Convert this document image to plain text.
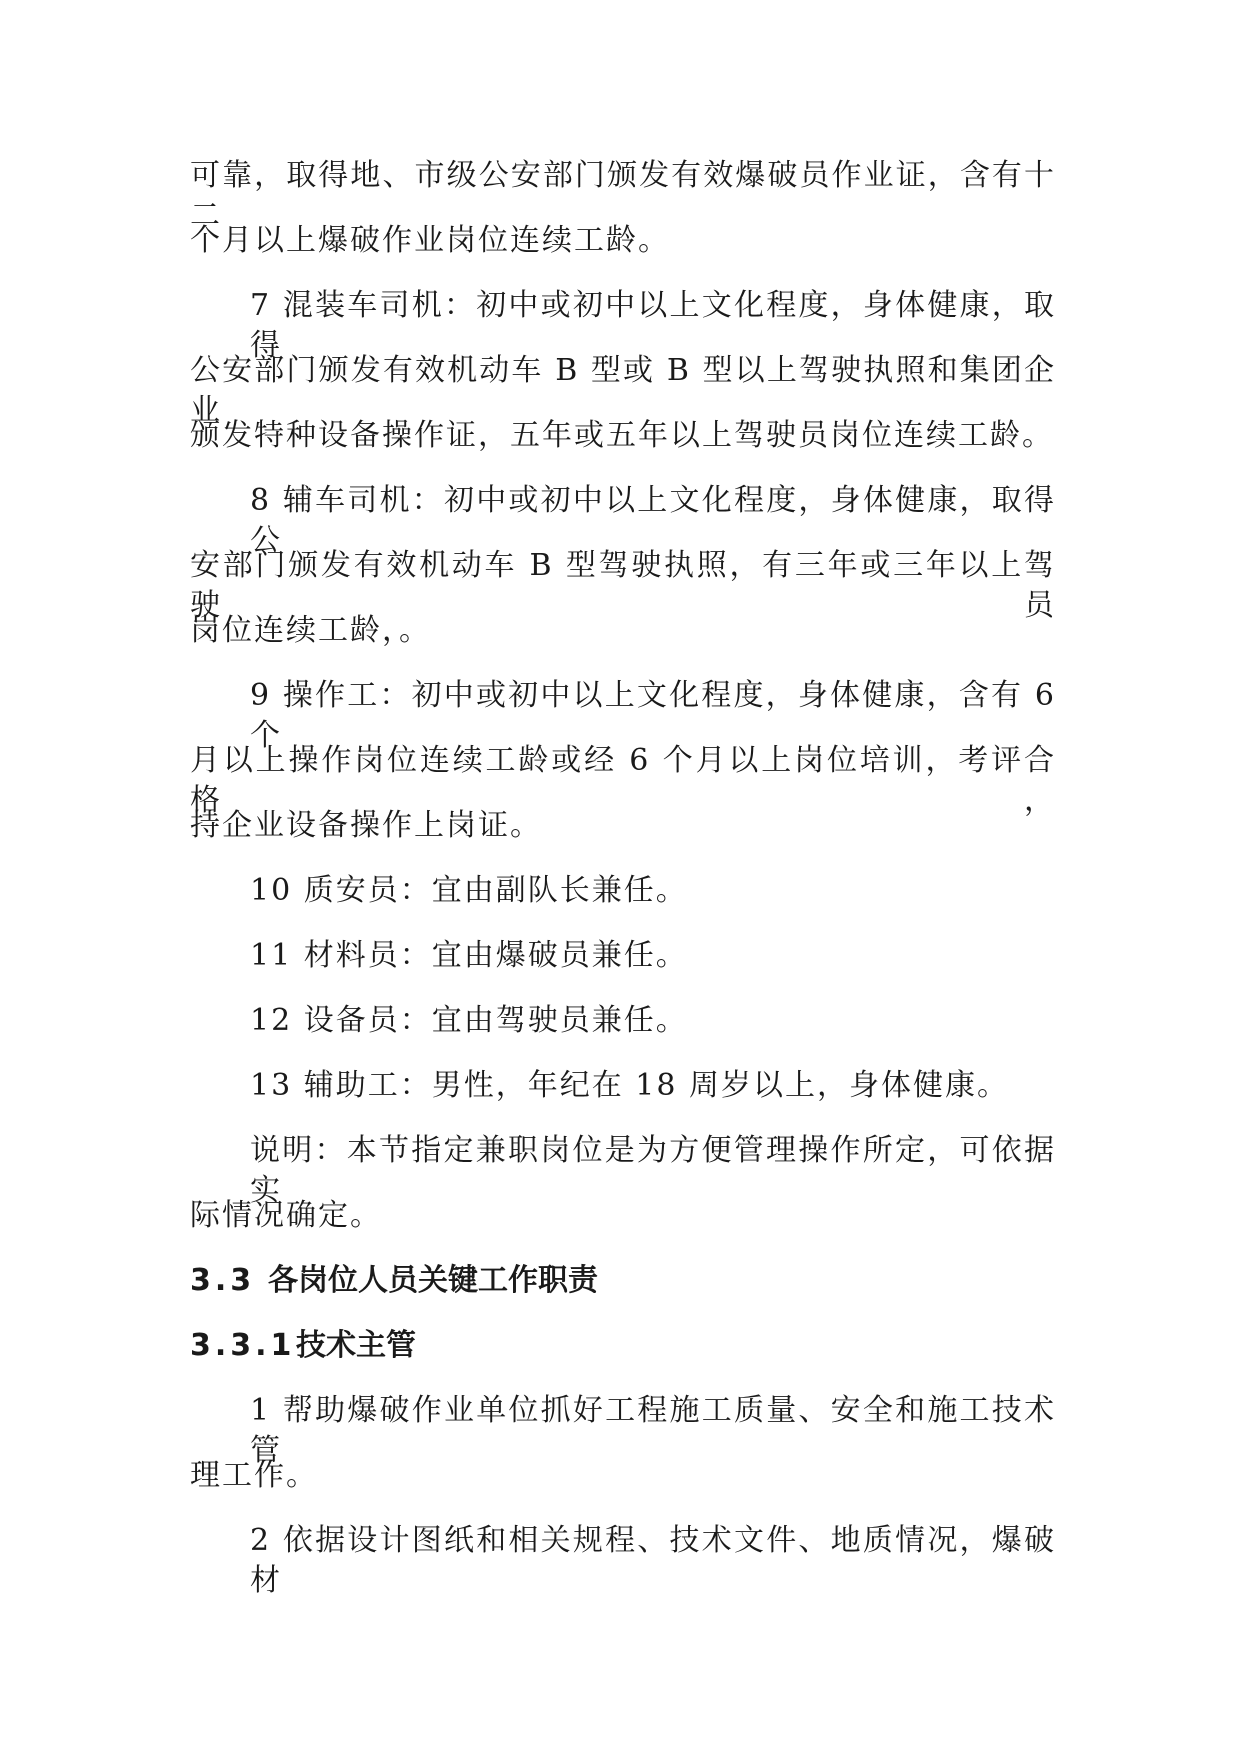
可靠，取得地、市级公安部门颁发有效爆破员作业证，含有十二
个月以上爆破作业岗位连续工龄。
7 混装车司机：初中或初中以上文化程度，身体健康，取得
公安部门颁发有效机动车 B 型或 B 型以上驾驶执照和集团企业
颁发特种设备操作证，五年或五年以上驾驶员岗位连续工龄。
8 辅车司机：初中或初中以上文化程度，身体健康，取得公
安部门颁发有效机动车 B 型驾驶执照，有三年或三年以上驾驶员
岗位连续工龄，。
9 操作工：初中或初中以上文化程度，身体健康，含有 6 个
月以上操作岗位连续工龄或经 6 个月以上岗位培训，考评合格，
持企业设备操作上岗证。
10 质安员：宜由副队长兼任。
11 材料员：宜由爆破员兼任。
12 设备员：宜由驾驶员兼任。
13 辅助工：男性，年纪在 18 周岁以上，身体健康。
说明：本节指定兼职岗位是为方便管理操作所定，可依据实
际情况确定。
3.3 各岗位人员关键工作职责
3.3.1技术主管
1 帮助爆破作业单位抓好工程施工质量、安全和施工技术管
理工作。
2 依据设计图纸和相关规程、技术文件、地质情况，爆破材
